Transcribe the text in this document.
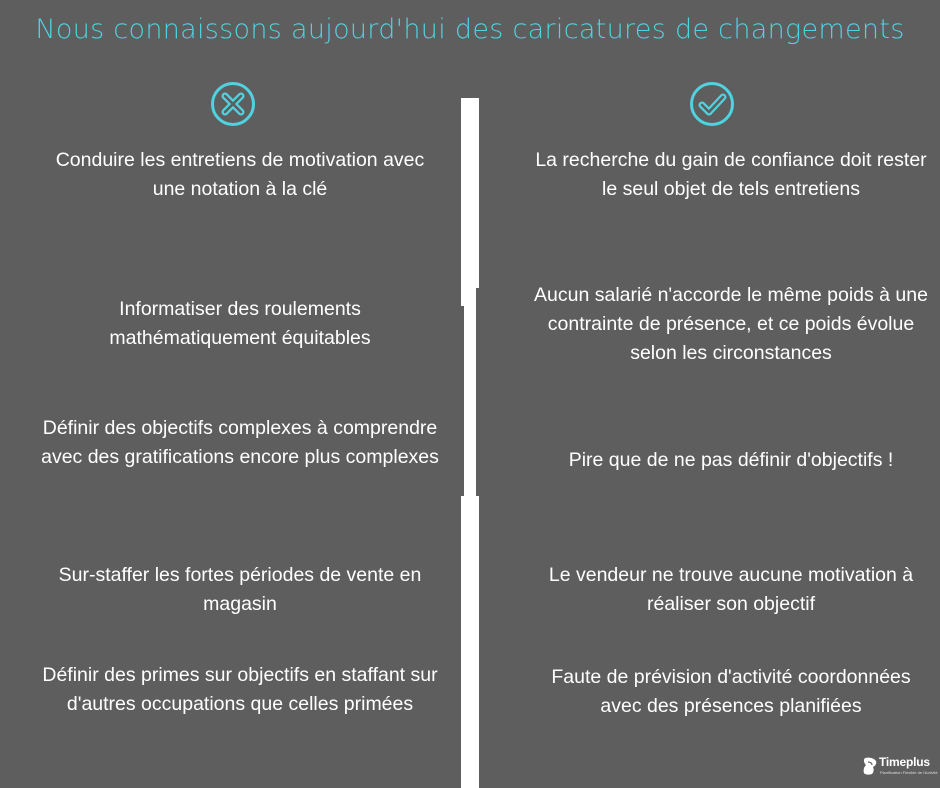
Nous connaissons aujourd'hui des caricatures de changements
Conduire les entretiens de motivation avec une notation à la clé
La recherche du gain de confiance doit rester le seul objet de tels entretiens
Informatiser des roulements mathématiquement équitables
Aucun salarié n'accorde le même poids à une contrainte de présence, et ce poids évolue selon les circonstances
Définir des objectifs complexes à comprendre avec des gratifications encore plus complexes	Pire que de ne pas définir d'objectifs !
Sur-staffer les fortes périodes de vente en magasin
Le vendeur ne trouve aucune motivation à réaliser son objectif
Définir des primes sur objectifs en staffant sur d'autres occupations que celles primées
Faute de prévision d'activité coordonnées avec des présences planifiées
Timeplus
Planification Flexible de l'Activité
